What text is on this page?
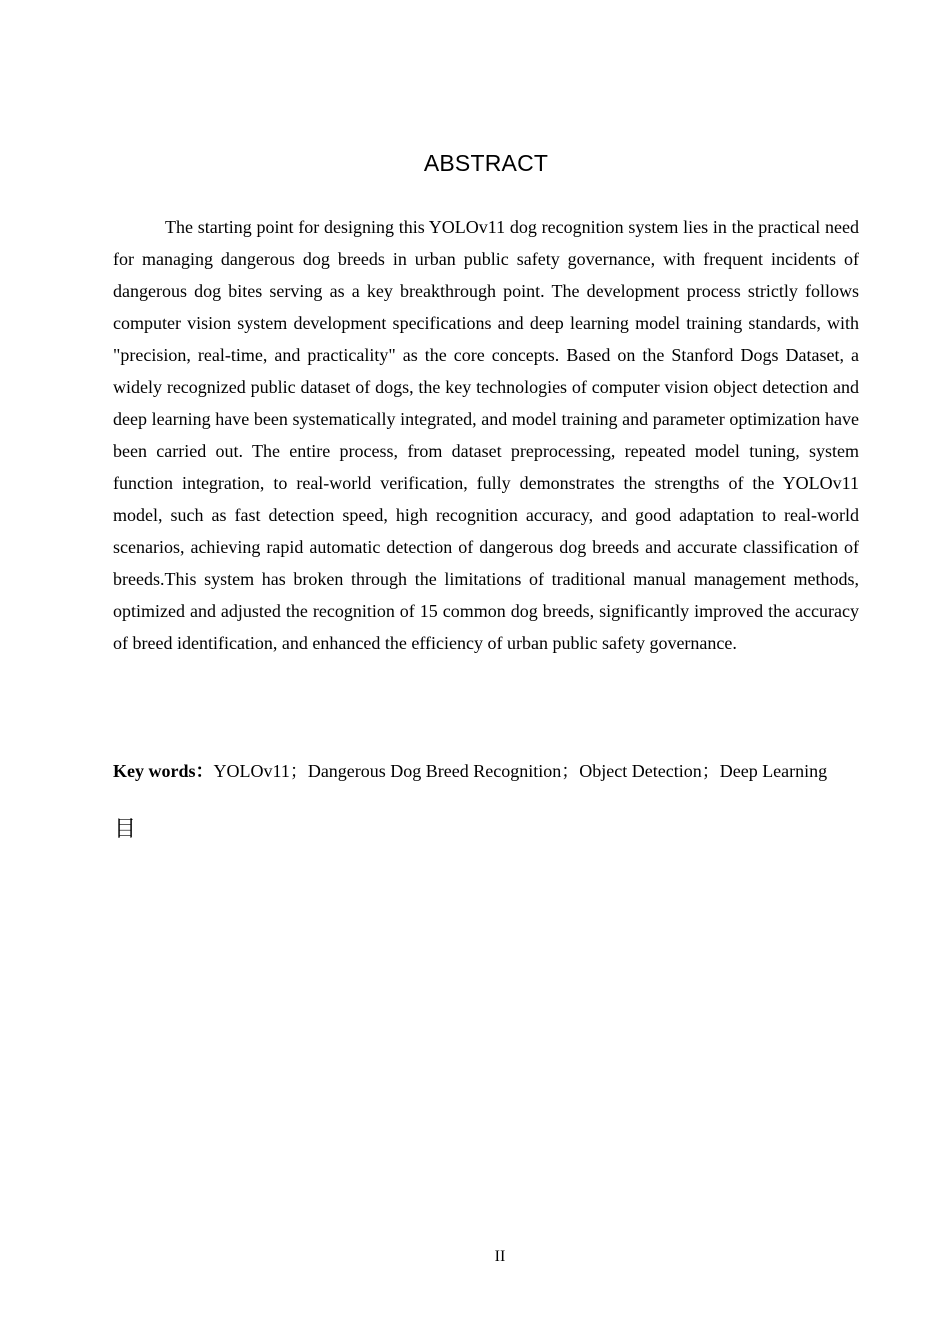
ABSTRACT

The starting point for designing this YOLOv11 dog recognition system lies in the practical need for managing dangerous dog breeds in urban public safety governance, with frequent incidents of dangerous dog bites serving as a key breakthrough point. The development process strictly follows computer vision system development specifications and deep learning model training standards, with "precision, real-time, and practicality" as the core concepts. Based on the Stanford Dogs Dataset, a widely recognized public dataset of dogs, the key technologies of computer vision object detection and deep learning have been systematically integrated, and model training and parameter optimization have been carried out. The entire process, from dataset preprocessing, repeated model tuning, system function integration, to real-world verification, fully demonstrates the strengths of the YOLOv11 model, such as fast detection speed, high recognition accuracy, and good adaptation to real-world scenarios, achieving rapid automatic detection of dangerous dog breeds and accurate classification of breeds.This system has broken through the limitations of traditional manual management methods, optimized and adjusted the recognition of 15 common dog breeds, significantly improved the accuracy of breed identification, and enhanced the efficiency of urban public safety governance.

Key words：YOLOv11；Dangerous Dog Breed Recognition；Object Detection；Deep Learning

目
II
